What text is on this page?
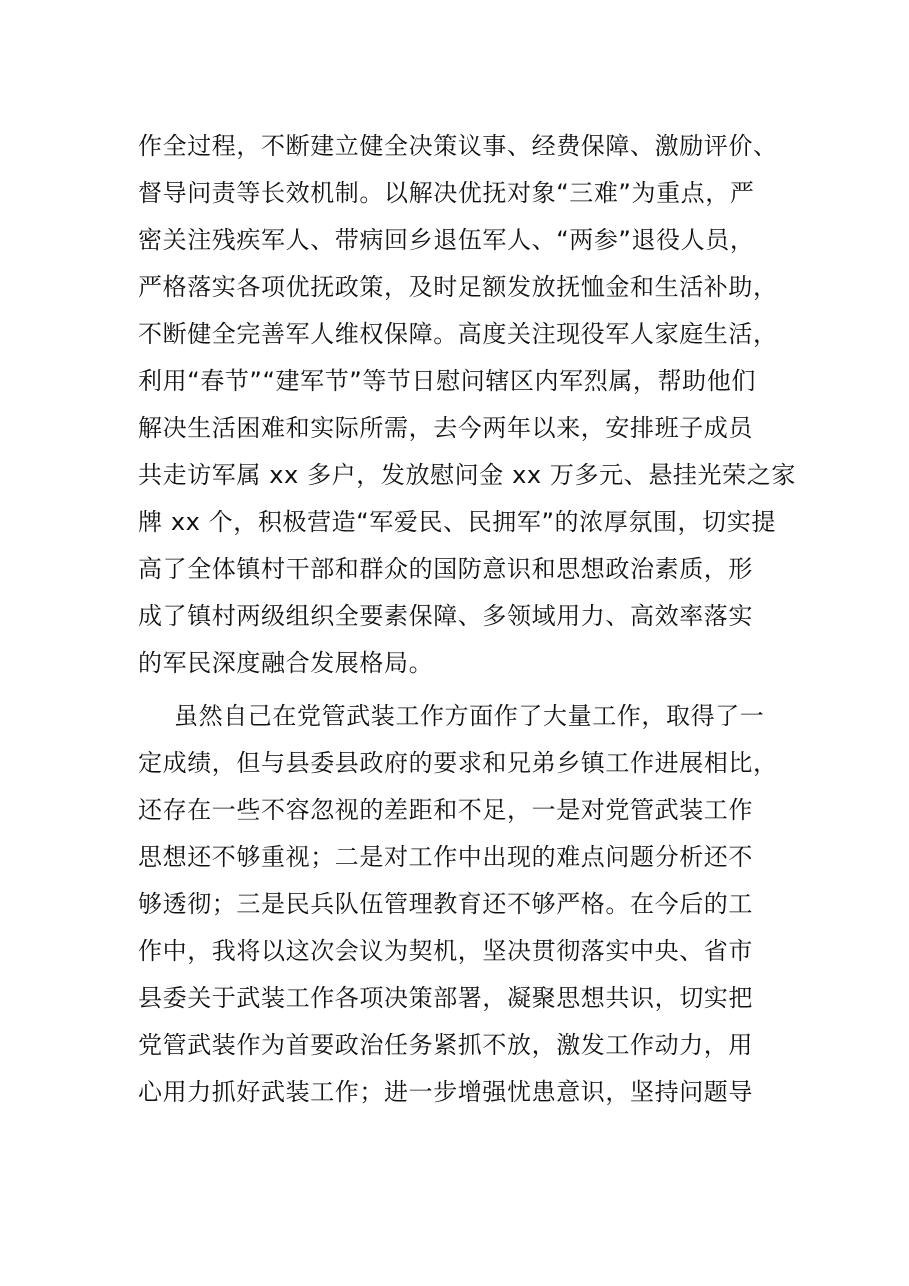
作全过程，不断建立健全决策议事、经费保障、激励评价、
督导问责等长效机制。以解决优抚对象“三难”为重点，严
密关注残疾军人、带病回乡退伍军人、“两参”退役人员，
严格落实各项优抚政策，及时足额发放抚恤金和生活补助，
不断健全完善军人维权保障。高度关注现役军人家庭生活，
利用“春节”“建军节”等节日慰问辖区内军烈属，帮助他们
解决生活困难和实际所需，去今两年以来，安排班子成员
共走访军属 xx 多户，发放慰问金 xx 万多元、悬挂光荣之家
牌 xx 个，积极营造“军爱民、民拥军”的浓厚氛围，切实提
高了全体镇村干部和群众的国防意识和思想政治素质，形
成了镇村两级组织全要素保障、多领域用力、高效率落实
的军民深度融合发展格局。
虽然自己在党管武装工作方面作了大量工作，取得了一
定成绩，但与县委县政府的要求和兄弟乡镇工作进展相比，
还存在一些不容忽视的差距和不足，一是对党管武装工作
思想还不够重视；二是对工作中出现的难点问题分析还不
够透彻；三是民兵队伍管理教育还不够严格。在今后的工
作中，我将以这次会议为契机，坚决贯彻落实中央、省市
县委关于武装工作各项决策部署，凝聚思想共识，切实把
党管武装作为首要政治任务紧抓不放，激发工作动力，用
心用力抓好武装工作；进一步增强忧患意识，坚持问题导
